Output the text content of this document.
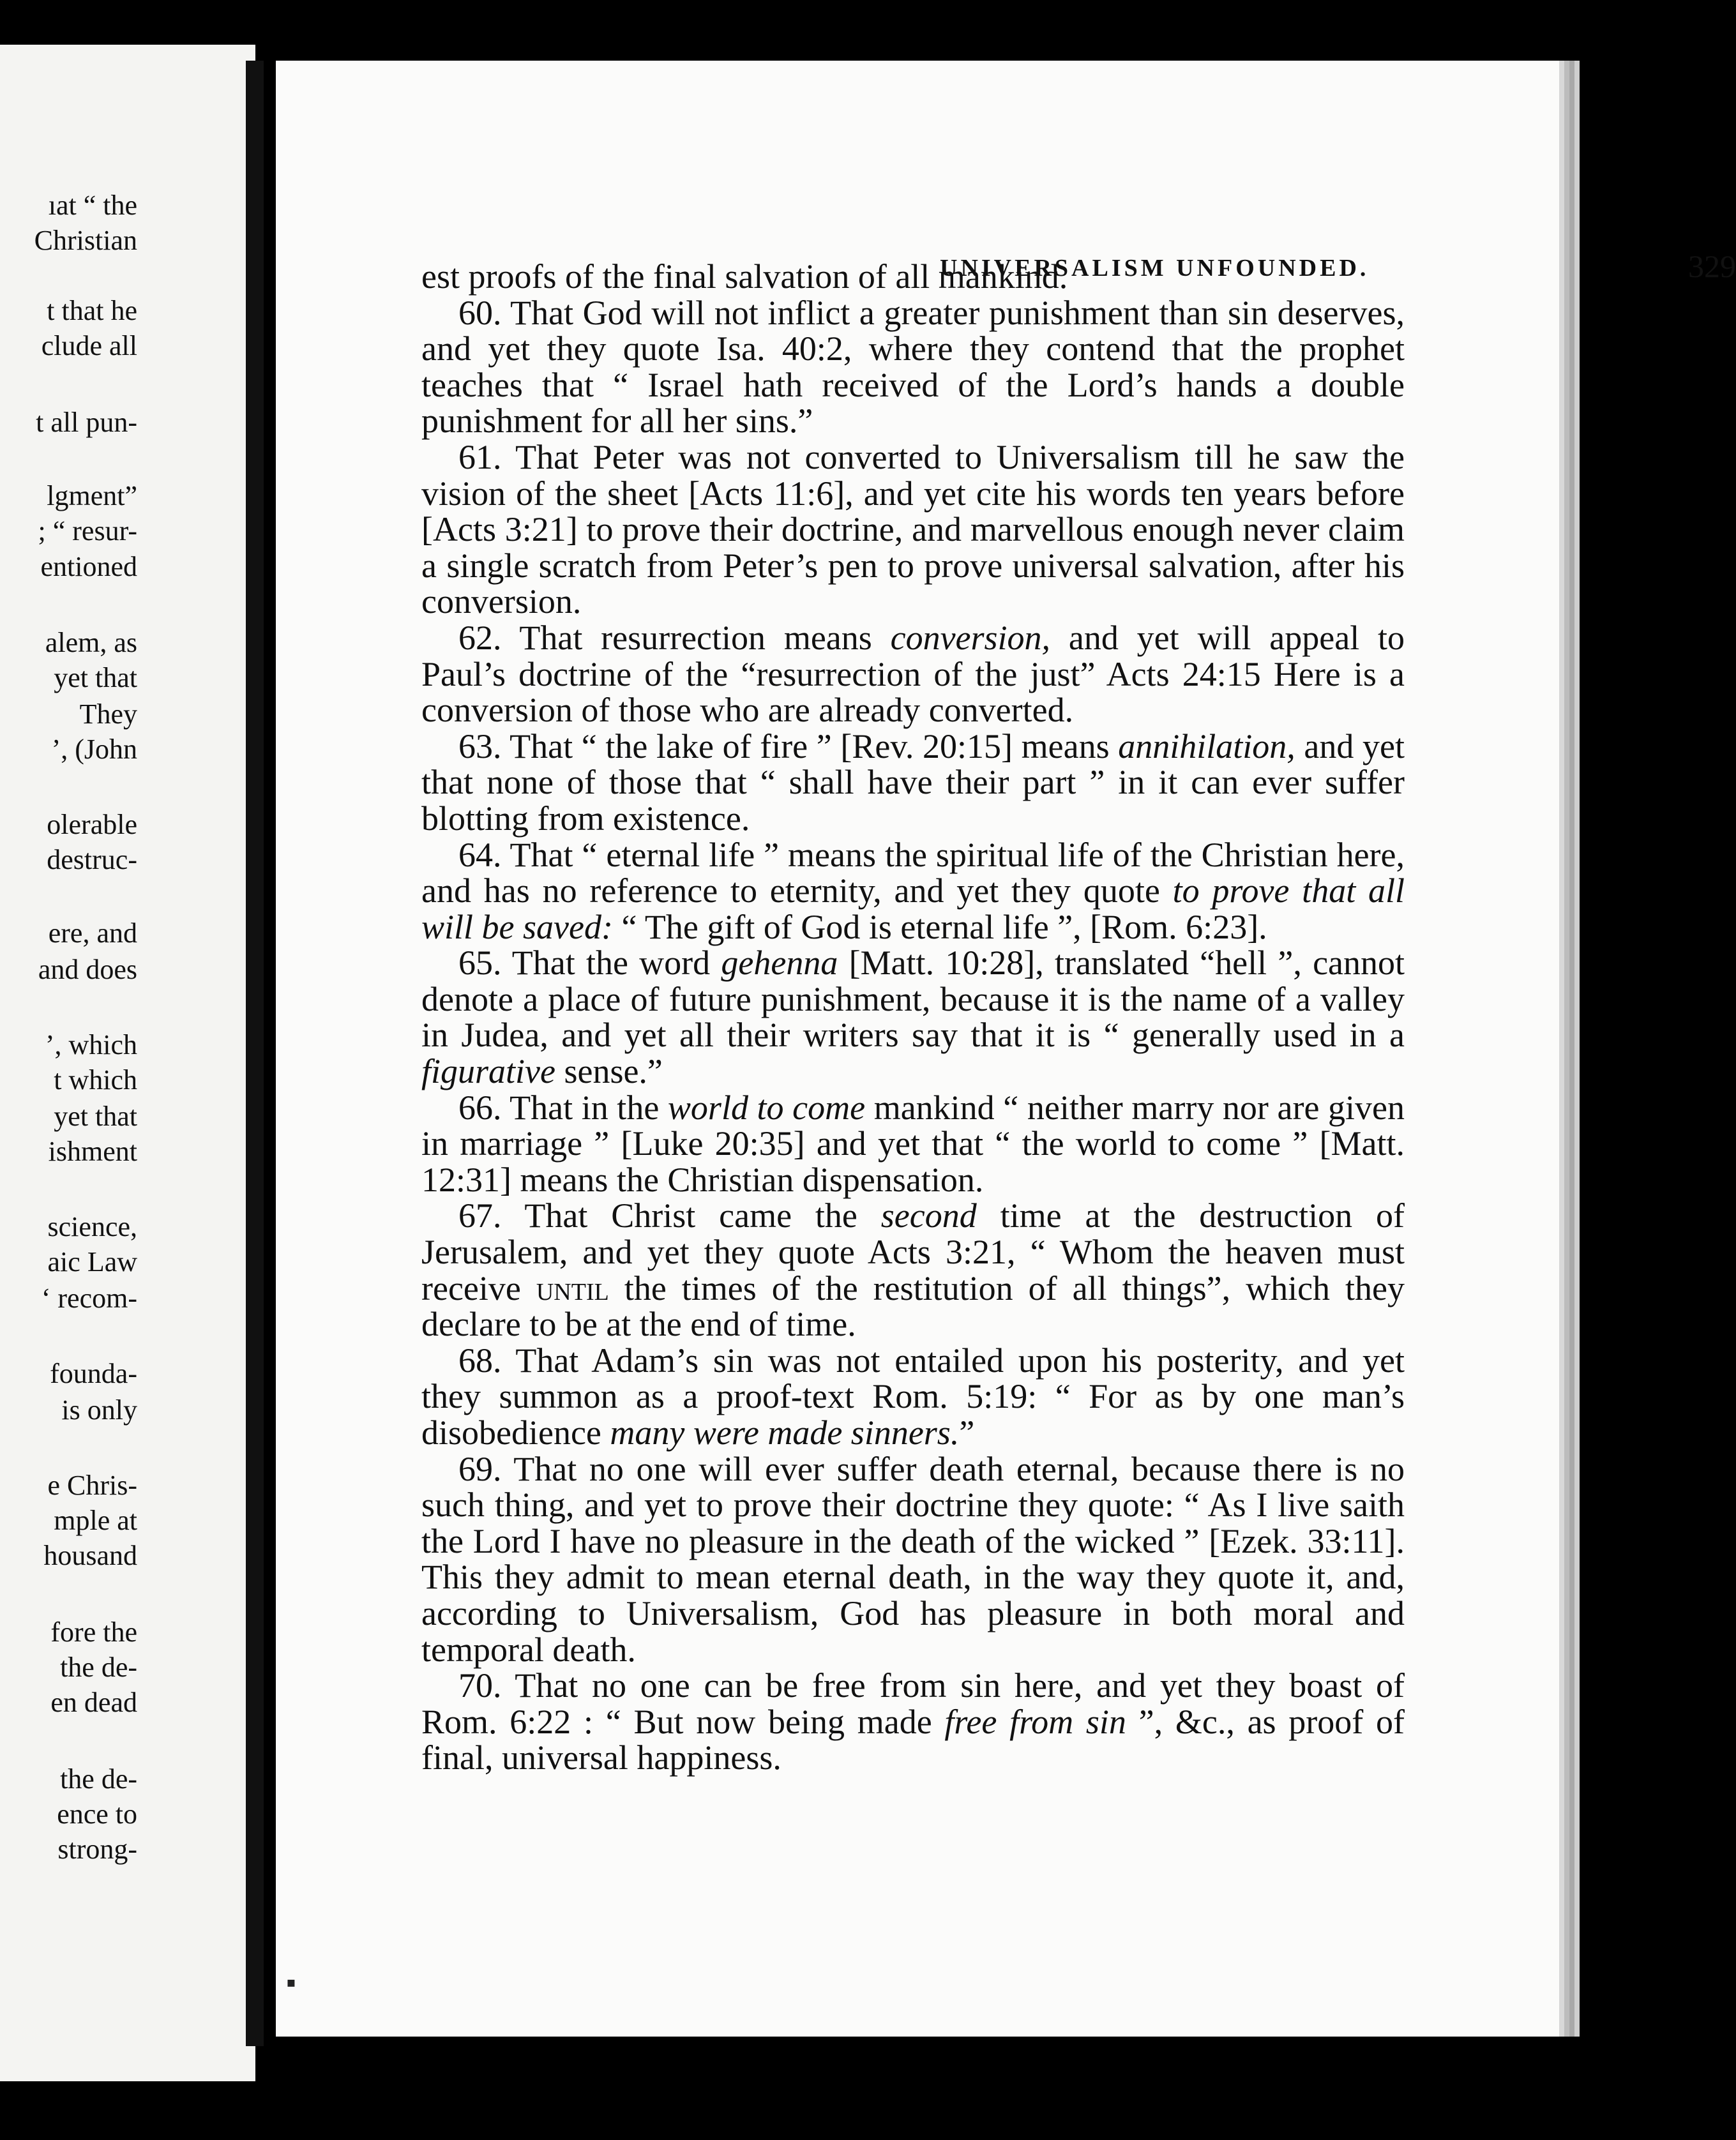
ıat “ the
Christian
t that he
clude all
t all pun-
lgment”
; “ resur-
entioned
alem, as
yet that
They
’, (John
olerable
destruc-
ere, and
and does
’, which
t which
yet that
ishment
science,
aic Law
‘ recom-
founda-
is only
e Chris-
mple at
housand
fore the
the de-
en dead
the de-
ence to
strong-
UNIVERSALISM UNFOUNDED.	329

est proofs of the final salvation of all mankind.

60. That God will not inflict a greater punishment than sin deserves, and yet they quote Isa. 40:2, where they contend that the prophet teaches that “ Israel hath received of the Lord’s hands a double punishment for all her sins.”

61. That Peter was not converted to Universalism till he saw the vision of the sheet [Acts 11:6], and yet cite his words ten years before [Acts 3:21] to prove their doctrine, and marvellous enough never claim a single scratch from Peter’s pen to prove universal salvation, after his conversion.

62. That resurrection means conversion, and yet will appeal to Paul’s doctrine of the “resurrection of the just” Acts 24:15 Here is a conversion of those who are already converted.

63. That “ the lake of fire ” [Rev. 20:15] means annihilation, and yet that none of those that “ shall have their part ” in it can ever suffer blotting from existence.

64. That “ eternal life ” means the spiritual life of the Christian here, and has no reference to eternity, and yet they quote to prove that all will be saved: “ The gift of God is eternal life ”, [Rom. 6:23].

65. That the word gehenna [Matt. 10:28], translated “hell ”, cannot denote a place of future punishment, because it is the name of a valley in Judea, and yet all their writers say that it is “ generally used in a figurative sense.”

66. That in the world to come mankind “ neither marry nor are given in marriage ” [Luke 20:35] and yet that “ the world to come ” [Matt. 12:31] means the Christian dispensation.

67. That Christ came the second time at the destruction of Jerusalem, and yet they quote Acts 3:21, “ Whom the heaven must receive until the times of the restitution of all things”, which they declare to be at the end of time.

68. That Adam’s sin was not entailed upon his posterity, and yet they summon as a proof-text Rom. 5:19: “ For as by one man’s disobedience many were made sinners.”

69. That no one will ever suffer death eternal, because there is no such thing, and yet to prove their doctrine they quote: “ As I live saith the Lord I have no pleasure in the death of the wicked ” [Ezek. 33:11]. This they admit to mean eternal death, in the way they quote it, and, according to Universalism, God has pleasure in both moral and temporal death.

70. That no one can be free from sin here, and yet they boast of Rom. 6:22 : “ But now being made free from sin ”, &c., as proof of final, universal happiness.

▪
